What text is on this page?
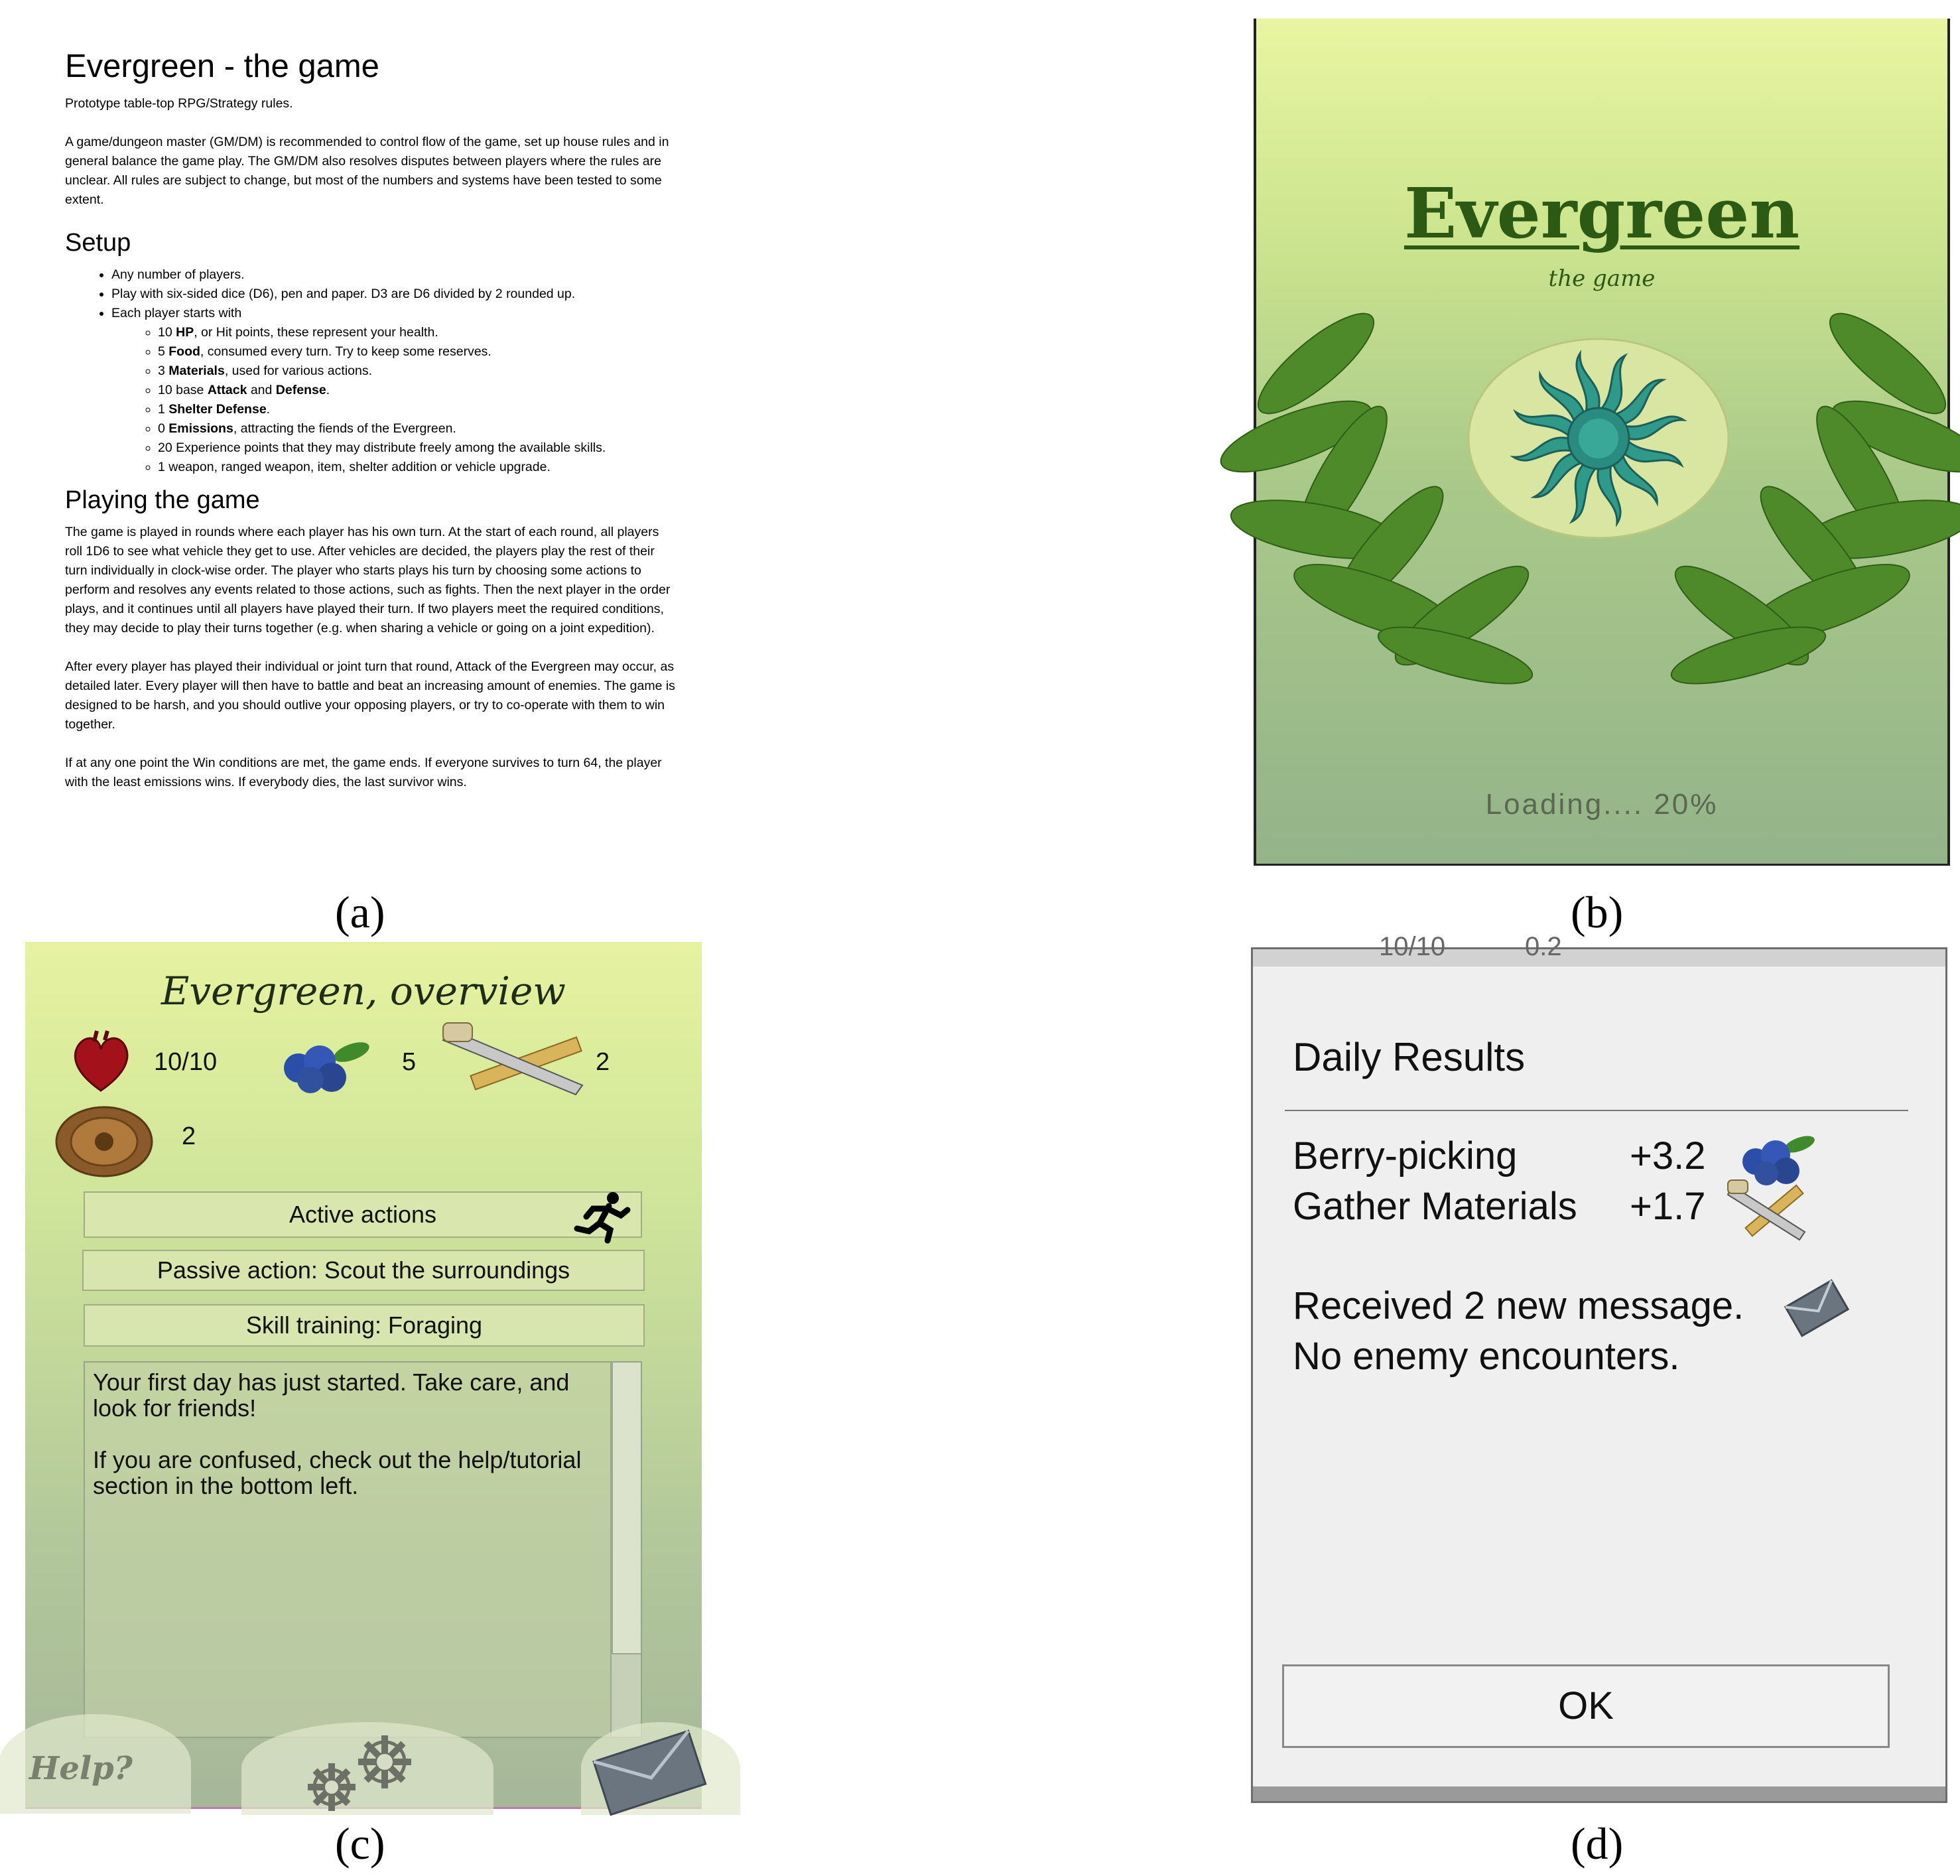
Evergreen - the game

Prototype table-top RPG/Strategy rules.

A game/dungeon master (GM/DM) is recommended to control flow of the game, set up house rules and in general balance the game play. The GM/DM also resolves disputes between players where the rules are unclear. All rules are subject to change, but most of the numbers and systems have been tested to some extent.

Setup
• Any number of players.
• Play with six-sided dice (D6), pen and paper. D3 are D6 divided by 2 rounded up.
• Each player starts with
◦ 10 HP, or Hit points, these represent your health.
◦ 5 Food, consumed every turn. Try to keep some reserves.
◦ 3 Materials, used for various actions.
◦ 10 base Attack and Defense.
◦ 1 Shelter Defense.
◦ 0 Emissions, attracting the fiends of the Evergreen.
◦ 20 Experience points that they may distribute freely among the available skills.
◦ 1 weapon, ranged weapon, item, shelter addition or vehicle upgrade.
Playing the game

The game is played in rounds where each player has his own turn. At the start of each round, all players roll 1D6 to see what vehicle they get to use. After vehicles are decided, the players play the rest of their turn individually in clock-wise order. The player who starts plays his turn by choosing some actions to perform and resolves any events related to those actions, such as fights. Then the next player in the order plays, and it continues until all players have played their turn. If two players meet the required conditions, they may decide to play their turns together (e.g. when sharing a vehicle or going on a joint expedition).

After every player has played their individual or joint turn that round, Attack of the Evergreen may occur, as detailed later. Every player will then have to battle and beat an increasing amount of enemies. The game is designed to be harsh, and you should outlive your opposing players, or try to co-operate with them to win together.

If at any one point the Win conditions are met, the game ends. If everyone survives to turn 64, the player with the least emissions wins. If everybody dies, the last survivor wins.

(a)
Evergreen
the game
Loading.... 20%
(b)
Evergreen, overview
10/10	5	2
2
Active actions
Passive action: Scout the surroundings
Skill training: Foraging
Your first day has just started. Take care, and look for friends!

If you are confused, check out the help/tutorial section in the bottom left.
Help?
(c)
10/10	0.2
Daily Results
Berry-picking	+3.2
Gather Materials +1.7
Received 2 new message.
No enemy encounters.
OK
(d)
